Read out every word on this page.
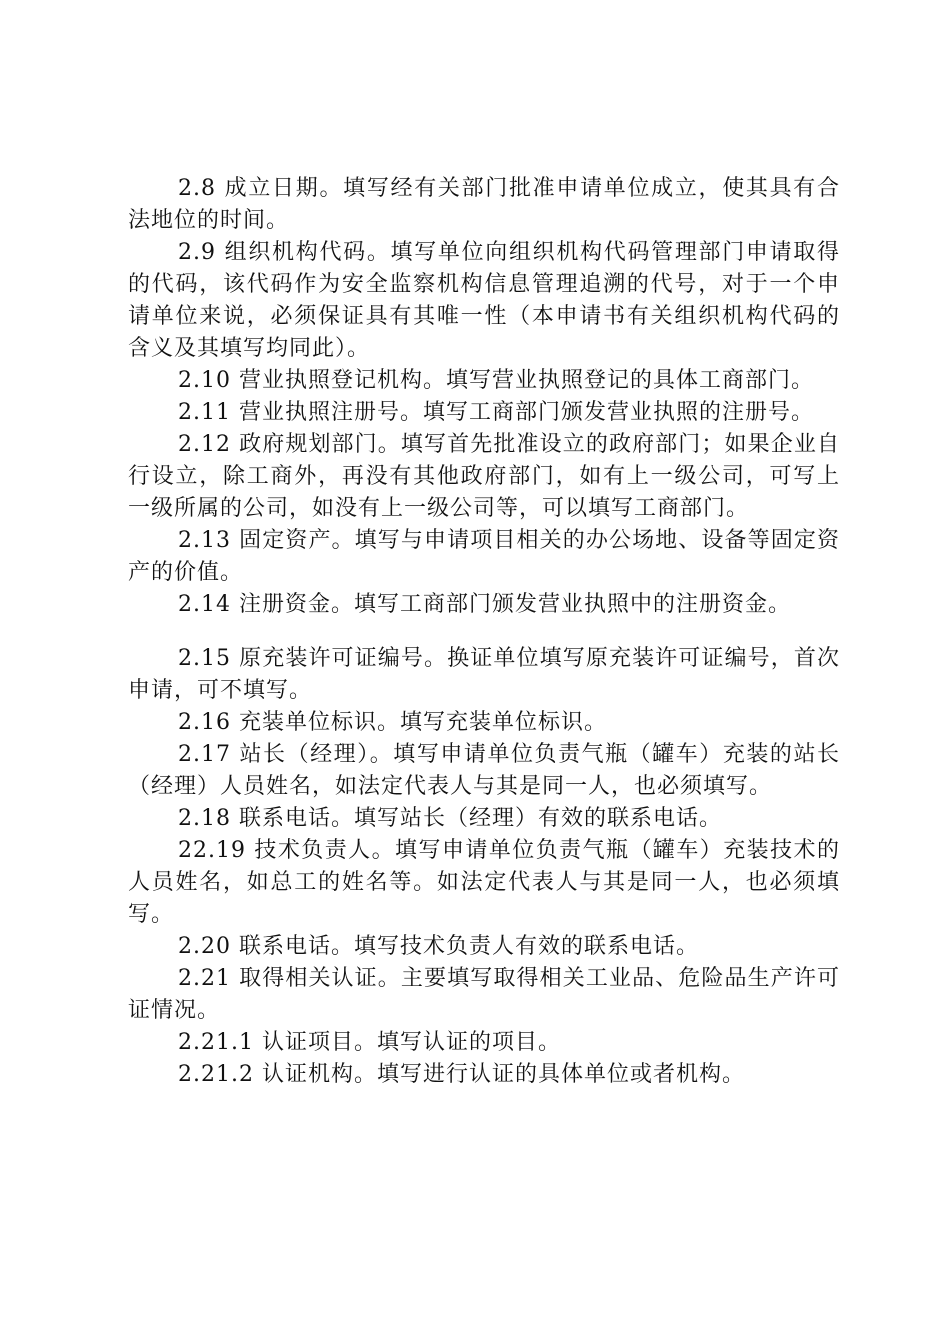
2.8 成立日期。填写经有关部门批准申请单位成立，使其具有合法地位的时间。

2.9 组织机构代码。填写单位向组织机构代码管理部门申请取得的代码，该代码作为安全监察机构信息管理追溯的代号，对于一个申请单位来说，必须保证具有其唯一性（本申请书有关组织机构代码的含义及其填写均同此）。

2.10 营业执照登记机构。填写营业执照登记的具体工商部门。

2.11 营业执照注册号。填写工商部门颁发营业执照的注册号。

2.12 政府规划部门。填写首先批准设立的政府部门；如果企业自行设立，除工商外，再没有其他政府部门，如有上一级公司，可写上一级所属的公司，如没有上一级公司等，可以填写工商部门。

2.13 固定资产。填写与申请项目相关的办公场地、设备等固定资产的价值。

2.14 注册资金。填写工商部门颁发营业执照中的注册资金。

2.15 原充装许可证编号。换证单位填写原充装许可证编号，首次申请，可不填写。

2.16 充装单位标识。填写充装单位标识。

2.17 站长（经理）。填写申请单位负责气瓶（罐车）充装的站长（经理）人员姓名，如法定代表人与其是同一人，也必须填写。

2.18 联系电话。填写站长（经理）有效的联系电话。

22.19 技术负责人。填写申请单位负责气瓶（罐车）充装技术的人员姓名，如总工的姓名等。如法定代表人与其是同一人，也必须填写。

2.20 联系电话。填写技术负责人有效的联系电话。

2.21 取得相关认证。主要填写取得相关工业品、危险品生产许可证情况。

2.21.1 认证项目。填写认证的项目。

2.21.2 认证机构。填写进行认证的具体单位或者机构。
